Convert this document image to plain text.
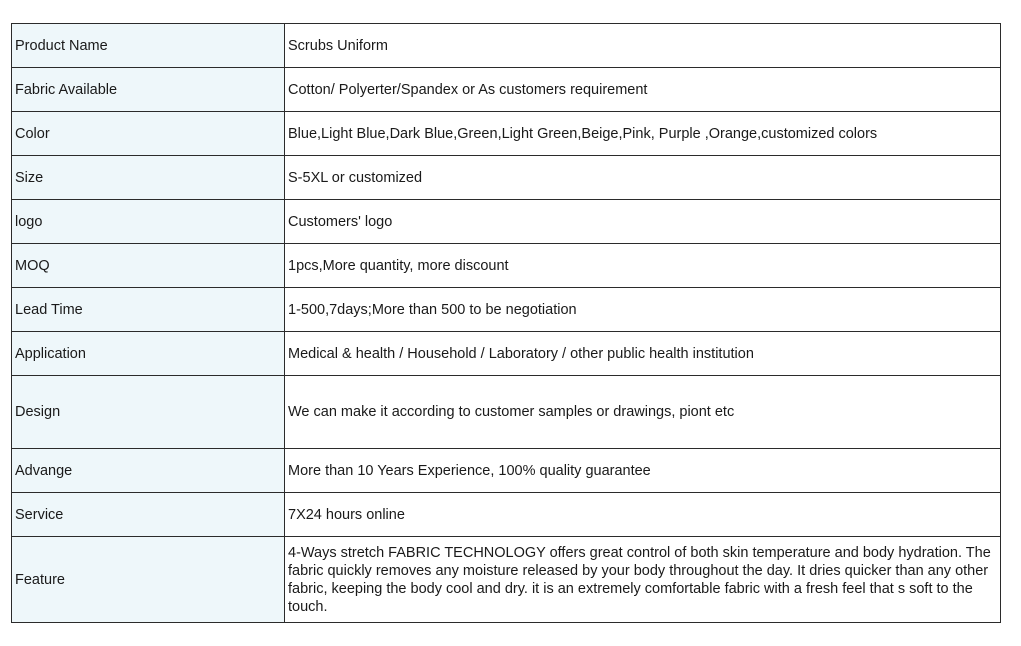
Product Name	Scrubs Uniform
Fabric Available	Cotton/ Polyerter/Spandex or As customers requirement
Color	Blue,Light Blue,Dark Blue,Green,Light Green,Beige,Pink, Purple ,Orange,customized colors
Size	S-5XL or customized
logo	Customers' logo
MOQ	1pcs,More quantity, more discount
Lead Time	1-500,7days;More than 500 to be negotiation
Application	Medical & health / Household / Laboratory / other public health institution
Design	We can make it according to customer samples or drawings, piont etc
Advange	More than 10 Years Experience, 100% quality guarantee
Service	7X24 hours online
Feature	4-Ways stretch FABRIC TECHNOLOGY offers great control of both skin temperature and body hydration. The fabric quickly removes any moisture released by your body throughout the day. It dries quicker than any other fabric, keeping the body cool and dry. it is an extremely comfortable fabric with a fresh feel that s soft to the touch.
